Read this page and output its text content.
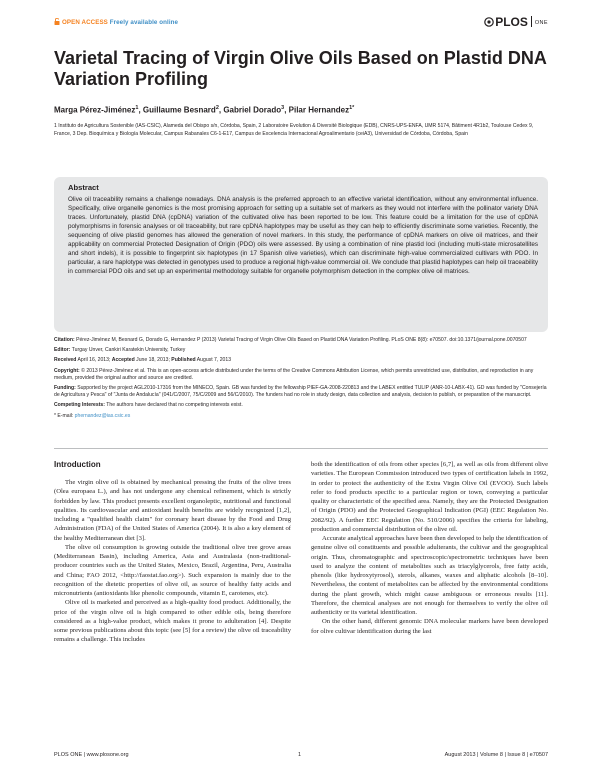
OPEN ACCESS Freely available online	PLOS ONE
Varietal Tracing of Virgin Olive Oils Based on Plastid DNA Variation Profiling
Marga Pérez-Jiménez$^1$, Guillaume Besnard$^2$, Gabriel Dorado$^3$, Pilar Hernandez$^{1*}$
1 Instituto de Agricultura Sostenible (IAS-CSIC), Alameda del Obispo s/n, Córdoba, Spain, 2 Laboratoire Evolution & Diversité Biologique (EDB), CNRS-UPS-ENFA, UMR 5174, Bâtiment 4R1b2, Toulouse Cedex 9, France, 3 Dep. Bioquímica y Biología Molecular, Campus Rabanales C6-1-E17, Campus de Excelencia Internacional Agroalimentario (ceiA3), Universidad de Córdoba, Córdoba, Spain
Abstract

Olive oil traceability remains a challenge nowadays. DNA analysis is the preferred approach to an effective varietal identification, without any environmental influence. Specifically, olive organelle genomics is the most promising approach for setting up a suitable set of markers as they would not interfere with the pollinator variety DNA traces. Unfortunately, plastid DNA (cpDNA) variation of the cultivated olive has been reported to be low. This feature could be a limitation for the use of cpDNA polymorphisms in forensic analyses or oil traceability, but rare cpDNA haplotypes may be useful as they can help to efficiently discriminate some varieties. Recently, the sequencing of olive plastid genomes has allowed the generation of novel markers. In this study, the performance of cpDNA markers on olive oil matrices, and their applicability on commercial Protected Designation of Origin (PDO) oils were assessed. By using a combination of nine plastid loci (including multi-state microsatellites and short indels), it is possible to fingerprint six haplotypes (in 17 Spanish olive varieties), which can discriminate high-value commercialized cultivars with PDO. In particular, a rare haplotype was detected in genotypes used to produce a regional high-value commercial oil. We conclude that plastid haplotypes can help oil traceability in commercial PDO oils and set up an experimental methodology suitable for organelle polymorphism detection in the complex olive oil matrices.

Citation: Pérez-Jiménez M, Besnard G, Dorado G, Hernandez P (2013) Varietal Tracing of Virgin Olive Oils Based on Plastid DNA Variation Profiling. PLoS ONE 8(8): e70507. doi:10.1371/journal.pone.0070507

Editor: Turgay Unver, Cankiri Karatekin University, Turkey

Received April 16, 2013; Accepted June 18, 2013; Published August 7, 2013

Copyright: © 2013 Pérez-Jiménez et al. This is an open-access article distributed under the terms of the Creative Commons Attribution License, which permits unrestricted use, distribution, and reproduction in any medium, provided the original author and source are credited.

Funding: Supported by the project AGL2010-17316 from the MINECO, Spain. GB was funded by the fellowship PIEF-GA-2008-220813 and the LABEX entitled TULIP (ANR-10-LABX-41). GD was funded by "Consejería de Agricultura y Pesca" of "Junta de Andalucía" (041/C/2007, 75/C/2009 and 56/C/2010). The funders had no role in study design, data collection and analysis, decision to publish, or preparation of the manuscript.

Competing Interests: The authors have declared that no competing interests exist.

* E-mail: phernandez@ias.csic.es

Introduction

The virgin olive oil is obtained by mechanical pressing the fruits of the olive trees (Olea europaea L.), and has not undergone any chemical refinement, which is strictly forbidden by law. This product presents excellent organoleptic, nutritional and functional qualities. Its cardiovascular and antioxidant health benefits are widely recognized [1,2], including a "qualified health claim" for coronary heart disease by the Food and Drug Administration (FDA) of the United States of America (2004). It is also a key element of the healthy Mediterranean diet [3].

The olive oil consumption is growing outside the traditional olive tree grove areas (Mediterranean Basin), including America, Asia and Australasia (non-traditional-producer countries such as the United States, Mexico, Brazil, Argentina, Peru, Australia and China; FAO 2012, <http://faostat.fao.org>). Such expansion is mainly due to the recognition of the dietetic properties of olive oil, as source of healthy fatty acids and micronutrients (antioxidants like phenolic compounds, vitamin E, carotenes, etc).

Olive oil is marketed and perceived as a high-quality food product. Additionally, the price of the virgin olive oil is high compared to other edible oils, being therefore considered as a high-value product, which makes it prone to adulteration [4]. Despite some previous publications about this topic (see [5] for a review) the olive oil traceability remains a challenge. This includes

both the identification of oils from other species [6,7], as well as oils from different olive varieties. The European Commission introduced two types of certification labels in 1992, in order to protect the authenticity of the Extra Virgin Olive Oil (EVOO). Such labels refer to food products specific to a particular region or town, conveying a particular quality or characteristic of the specified area. Namely, they are the Protected Designation of Origin (PDO) and the Protected Geographical Indication (PGI) (EEC Regulation No. 2082/92). A further EEC Regulation (No. 510/2006) specifies the criteria for labeling, production and commercial distribution of the olive oil.

Accurate analytical approaches have been then developed to help the identification of genuine olive oil constituents and possible adulterants, the cultivar and the geographical origin. Thus, chromatographic and spectroscopic/spectrometric techniques have been used to analyze the content of metabolites such as triacylglycerols, free fatty acids, phenols (like hydroxytyrosol), sterols, alkanes, waxes and aliphatic alcohols [8–10]. Nevertheless, the content of metabolites can be affected by the environmental conditions during the plant growth, which might cause ambiguous or erroneous results [11]. Therefore, the chemical analyses are not enough for themselves to verify the olive oil authenticity or its varietal identification.

On the other hand, different genomic DNA molecular markers have been developed for olive cultivar identification during the last

PLOS ONE | www.plosone.org	1	August 2013 | Volume 8 | Issue 8 | e70507
